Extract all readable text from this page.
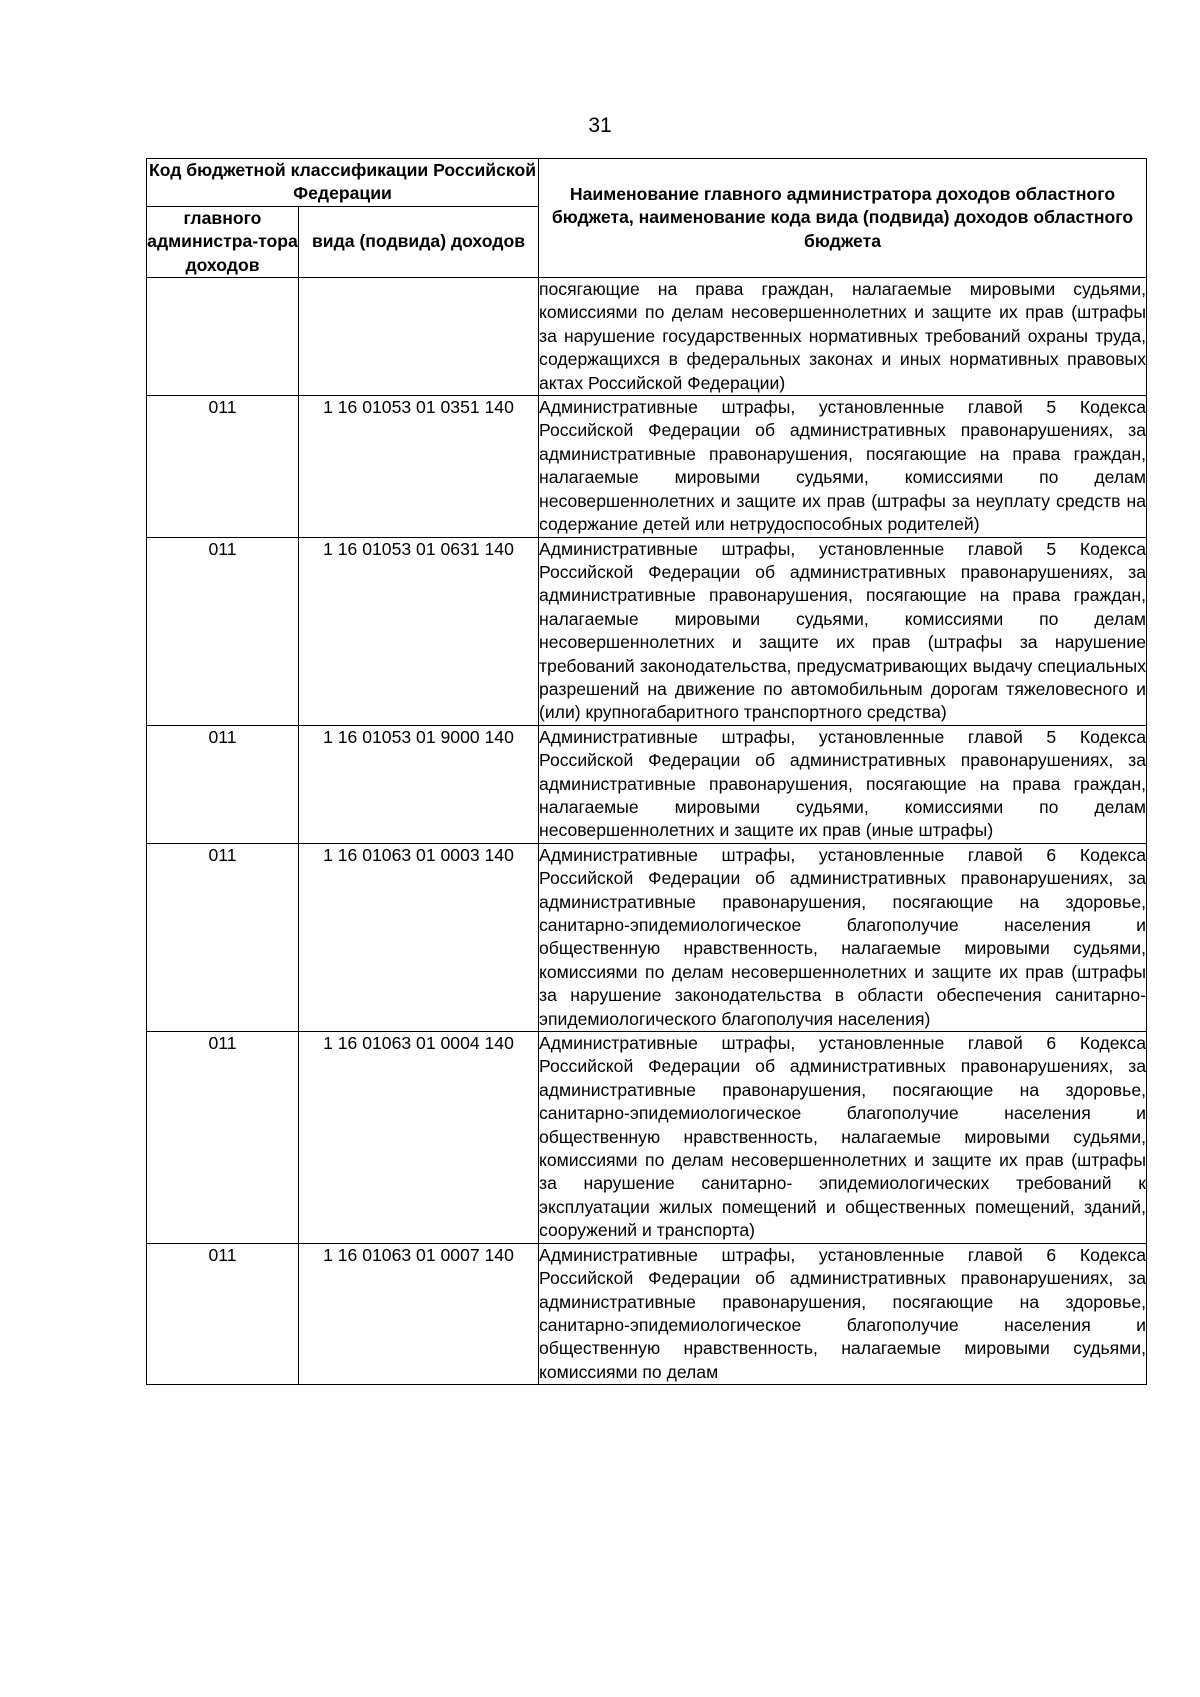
31
Код бюджетной классификации Российской Федерации		Наименование главного администратора доходов областного бюджета, наименование кода вида (подвида) доходов областного бюджета
главного администра-тора доходов	вида (подвида) доходов	
		посягающие на права граждан, налагаемые мировыми судьями, комиссиями по делам несовершеннолетних и защите их прав (штрафы за нарушение государственных нормативных требований охраны труда, содержащихся в федеральных законах и иных нормативных правовых актах Российской Федерации)
011	1 16 01053 01 0351 140	Административные штрафы, установленные главой 5 Кодекса Российской Федерации об административных правонарушениях, за административные правонарушения, посягающие на права граждан, налагаемые мировыми судьями, комиссиями по делам несовершеннолетних и защите их прав (штрафы за неуплату средств на содержание детей или нетрудоспособных родителей)
011	1 16 01053 01 0631 140	Административные штрафы, установленные главой 5 Кодекса Российской Федерации об административных правонарушениях, за административные правонарушения, посягающие на права граждан, налагаемые мировыми судьями, комиссиями по делам несовершеннолетних и защите их прав (штрафы за нарушение требований законодательства, предусматривающих выдачу специальных разрешений на движение по автомобильным дорогам тяжеловесного и (или) крупногабаритного транспортного средства)
011	1 16 01053 01 9000 140	Административные штрафы, установленные главой 5 Кодекса Российской Федерации об административных правонарушениях, за административные правонарушения, посягающие на права граждан, налагаемые мировыми судьями, комиссиями по делам несовершеннолетних и защите их прав (иные штрафы)
011	1 16 01063 01 0003 140	Административные штрафы, установленные главой 6 Кодекса Российской Федерации об административных правонарушениях, за административные правонарушения, посягающие на здоровье, санитарно-эпидемиологическое благополучие населения и общественную нравственность, налагаемые мировыми судьями, комиссиями по делам несовершеннолетних и защите их прав (штрафы за нарушение законодательства в области обеспечения санитарно- эпидемиологического благополучия населения)
011	1 16 01063 01 0004 140	Административные штрафы, установленные главой 6 Кодекса Российской Федерации об административных правонарушениях, за административные правонарушения, посягающие на здоровье, санитарно-эпидемиологическое благополучие населения и общественную нравственность, налагаемые мировыми судьями, комиссиями по делам несовершеннолетних и защите их прав (штрафы за нарушение санитарно- эпидемиологических требований к эксплуатации жилых помещений и общественных помещений, зданий, сооружений и транспорта)
011	1 16 01063 01 0007 140	Административные штрафы, установленные главой 6 Кодекса Российской Федерации об административных правонарушениях, за административные правонарушения, посягающие на здоровье, санитарно-эпидемиологическое благополучие населения и общественную нравственность, налагаемые мировыми судьями, комиссиями по делам
